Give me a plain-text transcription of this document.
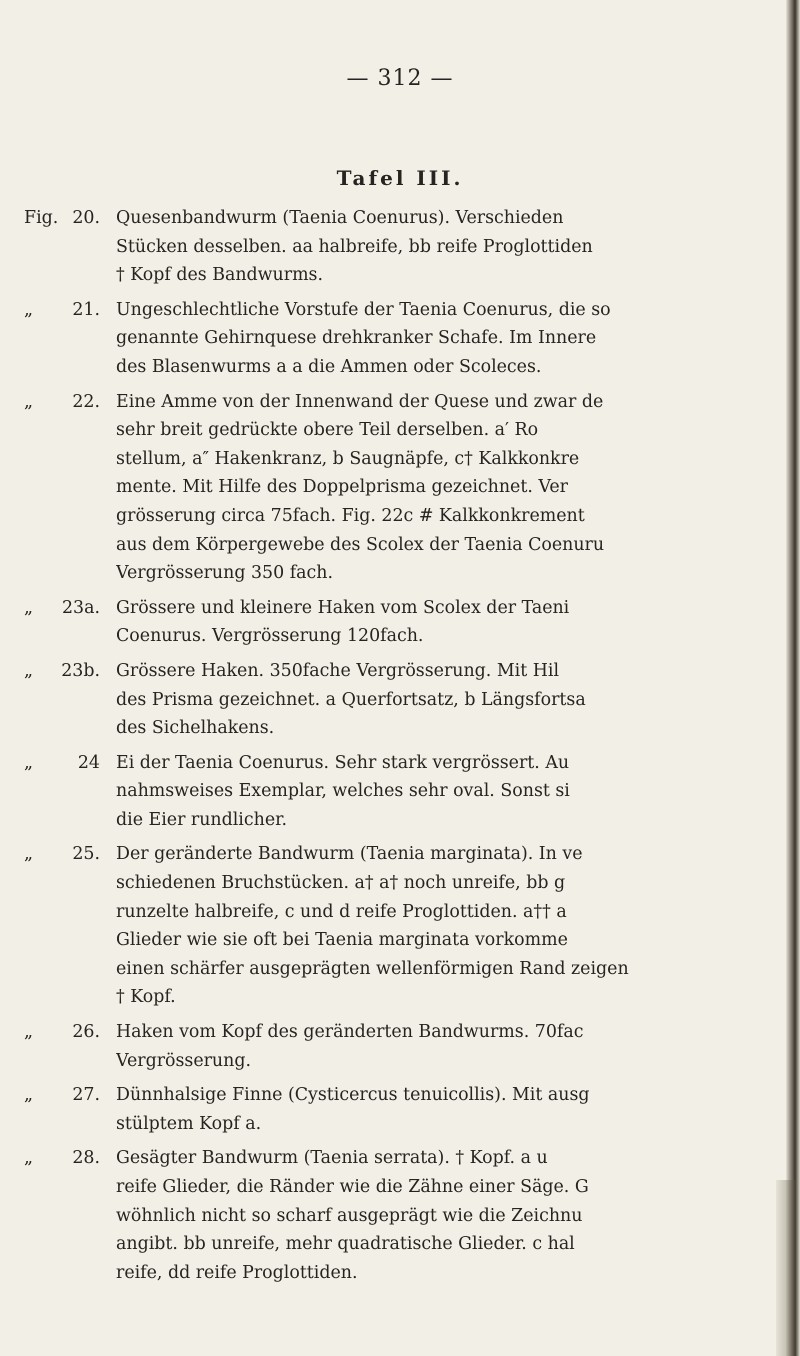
— 312 —
Tafel III.
Fig. 20. Quesenbandwurm (Taenia Coenurus). Verschieden
Stücken desselben. aa halbreife, bb reife Proglottiden
† Kopf des Bandwurms.
„	21. Ungeschlechtliche Vorstufe der Taenia Coenurus, die so
genannte Gehirnquese drehkranker Schafe. Im Innere
des Blasenwurms a a die Ammen oder Scoleces.
„	22. Eine Amme von der Innenwand der Quese und zwar de
sehr breit gedrückte obere Teil derselben. a′ Ro
stellum, a″ Hakenkranz, b Saugnäpfe, c† Kalkkonkre
mente. Mit Hilfe des Doppelprisma gezeichnet. Ver
grösserung circa 75fach. Fig. 22c # Kalkkonkrement
aus dem Körpergewebe des Scolex der Taenia Coenuru
Vergrösserung 350 fach.
„	23a. Grössere und kleinere Haken vom Scolex der Taeni
Coenurus. Vergrösserung 120fach.
„	23b. Grössere Haken. 350fache Vergrösserung. Mit Hil
des Prisma gezeichnet. a Querfortsatz, b Längsfortsa
des Sichelhakens.
„	24 Ei der Taenia Coenurus. Sehr stark vergrössert. Au
nahmsweises Exemplar, welches sehr oval. Sonst si
die Eier rundlicher.
„	25. Der geränderte Bandwurm (Taenia marginata). In ve
schiedenen Bruchstücken. a† a† noch unreife, bb g
runzelte halbreife, c und d reife Proglottiden. a†† a
Glieder wie sie oft bei Taenia marginata vorkomme
einen schärfer ausgeprägten wellenförmigen Rand zeigen
† Kopf.
„	26. Haken vom Kopf des geränderten Bandwurms. 70fac
Vergrösserung.
„	27. Dünnhalsige Finne (Cysticercus tenuicollis). Mit ausg
stülptem Kopf a.
„	28. Gesägter Bandwurm (Taenia serrata). † Kopf. a u
reife Glieder, die Ränder wie die Zähne einer Säge. G
wöhnlich nicht so scharf ausgeprägt wie die Zeichnu
angibt. bb unreife, mehr quadratische Glieder. c hal
reife, dd reife Proglottiden.
